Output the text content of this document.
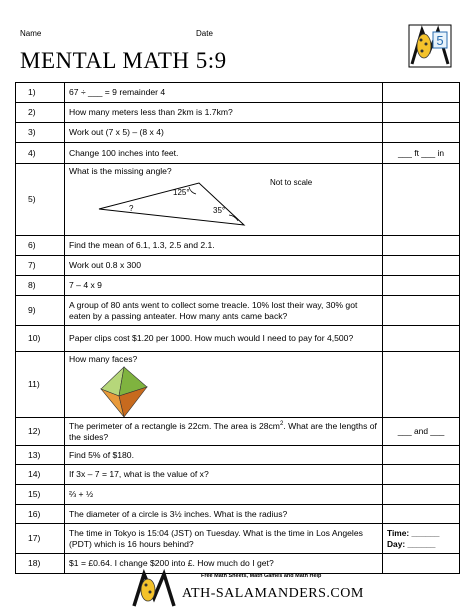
Name	Date
MENTAL MATH 5:9
5
1)	67 ÷ ___ = 9 remainder 4	
2)	How many meters less than 2km is 1.7km?	
3)	Work out (7 x 5) – (8 x 4)	
4)	Change 100 inches into feet.	___ ft ___ in
5)	What is the missing angle?
125°
35°
?
Not to scale	

6)	Find the mean of 6.1, 1.3, 2.5 and 2.1.	
7)	Work out 0.8 x 300	
8)	7 – 4 x 9	
9)	A group of 80 ants went to collect some treacle. 10% lost their way, 30% got eaten by a passing anteater. How many ants came back?	
10)	Paper clips cost $1.20 per 1000. How much would I need to pay for 4,500?	
11)	How many faces?	

12)	The perimeter of a rectangle is 22cm. The area is $28cm^2$. What are the lengths of the sides?	___ and ___
13)	Find 5% of $180.	
14)	If 3x – 7 = 17, what is the value of x?	
15)	⅔ + ½	
16)	The diameter of a circle is 3½ inches. What is the radius?	
17)	The time in Tokyo is 15:04 (JST) on Tuesday. What is the time in Los Angeles (PDT) which is 16 hours behind?	Time: ______
Day: ______

18)	$1 = £0.64. I change $200 into £. How much do I get?	
Free Math Sheets, Math Games and Math Help
ATH-SALAMANDERS.COM
